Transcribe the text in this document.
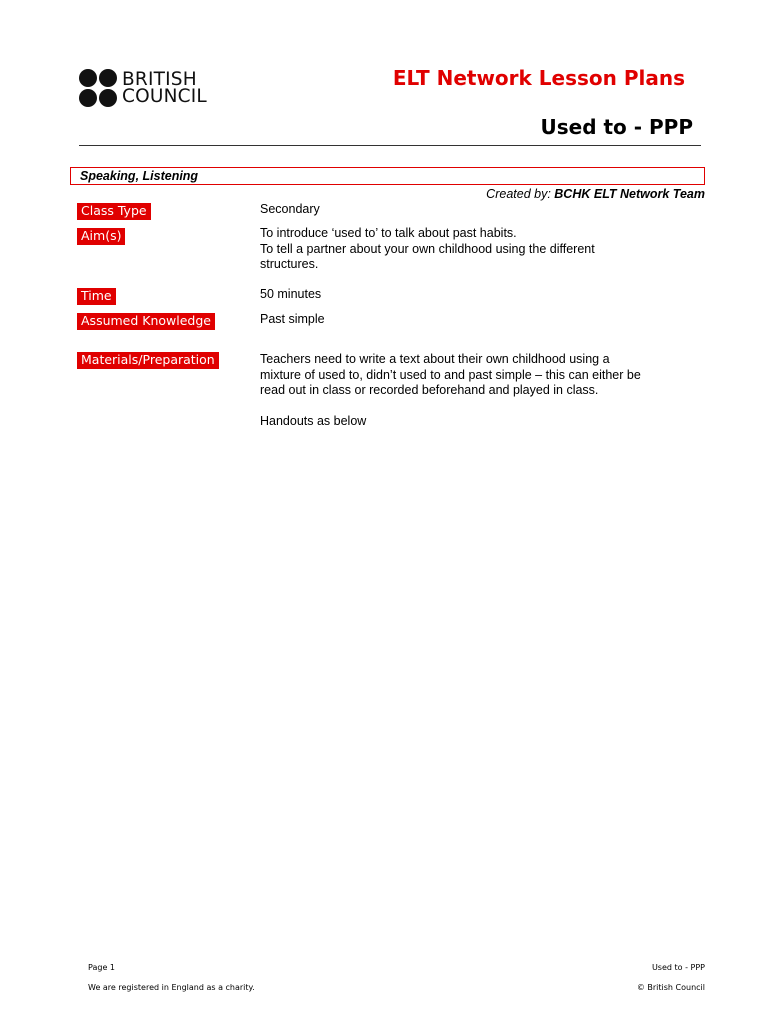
BRITISH
COUNCIL
ELT Network Lesson Plans
Used to - PPP
Speaking, Listening
Created by: BCHK ELT Network Team
Class Type	Secondary
Aim(s)	To introduce ‘used to’ to talk about past habits.

To tell a partner about your own childhood using the different

structures.

Time	50 minutes
Assumed Knowledge	Past simple
Materials/Preparation	Teachers need to write a text about their own childhood using a

mixture of used to, didn’t used to and past simple – this can either be

read out in class or recorded beforehand and played in class.

Handouts as below

Page 1
We are registered in England as a charity.
Used to - PPP
© British Council
